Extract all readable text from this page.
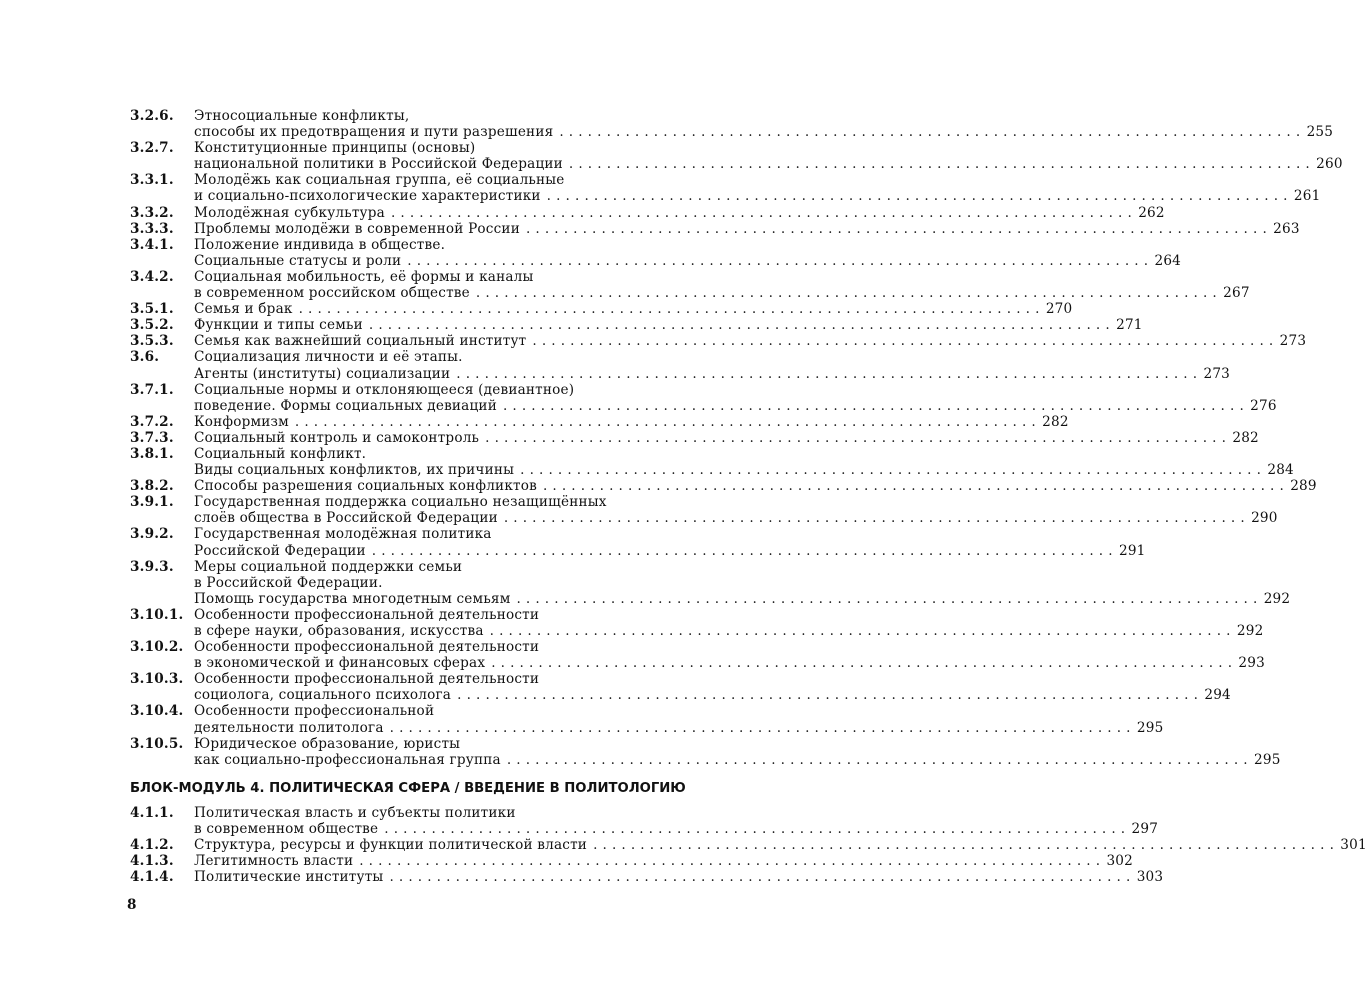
3.2.6.	Этносоциальные конфликты,
способы их предотвращения и пути разрешения . . .	255
3.2.7.	Конституционные принципы (основы)
национальной политики в Российской Федерации . . .	260
3.3.1.	Молодёжь как социальная группа, её социальные
и социально-психологические характеристики . . .	261
3.3.2.	Молодёжная субкультура . . .	262
3.3.3.	Проблемы молодёжи в современной России . . .	263
3.4.1.	Положение индивида в обществе.
Социальные статусы и роли . . .	264
3.4.2.	Социальная мобильность, её формы и каналы
в современном российском обществе . . .	267
3.5.1.	Семья и брак . . .	270
3.5.2.	Функции и типы семьи . . .	271
3.5.3.	Семья как важнейший социальный институт . . .	273
3.6.	Социализация личности и её этапы.
Агенты (институты) социализации . . .	273
3.7.1.	Социальные нормы и отклоняющееся (девиантное)
поведение. Формы социальных девиаций . . .	276
3.7.2.	Конформизм . . .	282
3.7.3.	Социальный контроль и самоконтроль . . .	282
3.8.1.	Социальный конфликт.
Виды социальных конфликтов, их причины . . .	284
3.8.2.	Способы разрешения социальных конфликтов . . .	289
3.9.1.	Государственная поддержка социально незащищённых
слоёв общества в Российской Федерации . . .	290
3.9.2.	Государственная молодёжная политика
Российской Федерации . . .	291
3.9.3.	Меры социальной поддержки семьи
в Российской Федерации.
Помощь государства многодетным семьям . . .	292
3.10.1. Особенности профессиональной деятельности
в сфере науки, образования, искусства . . .	292
3.10.2. Особенности профессиональной деятельности
в экономической и финансовых сферах . . .	293
3.10.3. Особенности профессиональной деятельности
социолога, социального психолога . . .	294
3.10.4. Особенности профессиональной
деятельности политолога . . .	295
3.10.5. Юридическое образование, юристы
как социально-профессиональная группа . . .	295
БЛОК-МОДУЛЬ 4. ПОЛИТИЧЕСКАЯ СФЕРА / ВВЕДЕНИЕ В ПОЛИТОЛОГИЮ
4.1.1.	Политическая власть и субъекты политики
в современном обществе . . .	297
4.1.2.	Структура, ресурсы и функции политической власти . . .	301
4.1.3.	Легитимность власти . . .	302
4.1.4.	Политические институты . . .	303
8
